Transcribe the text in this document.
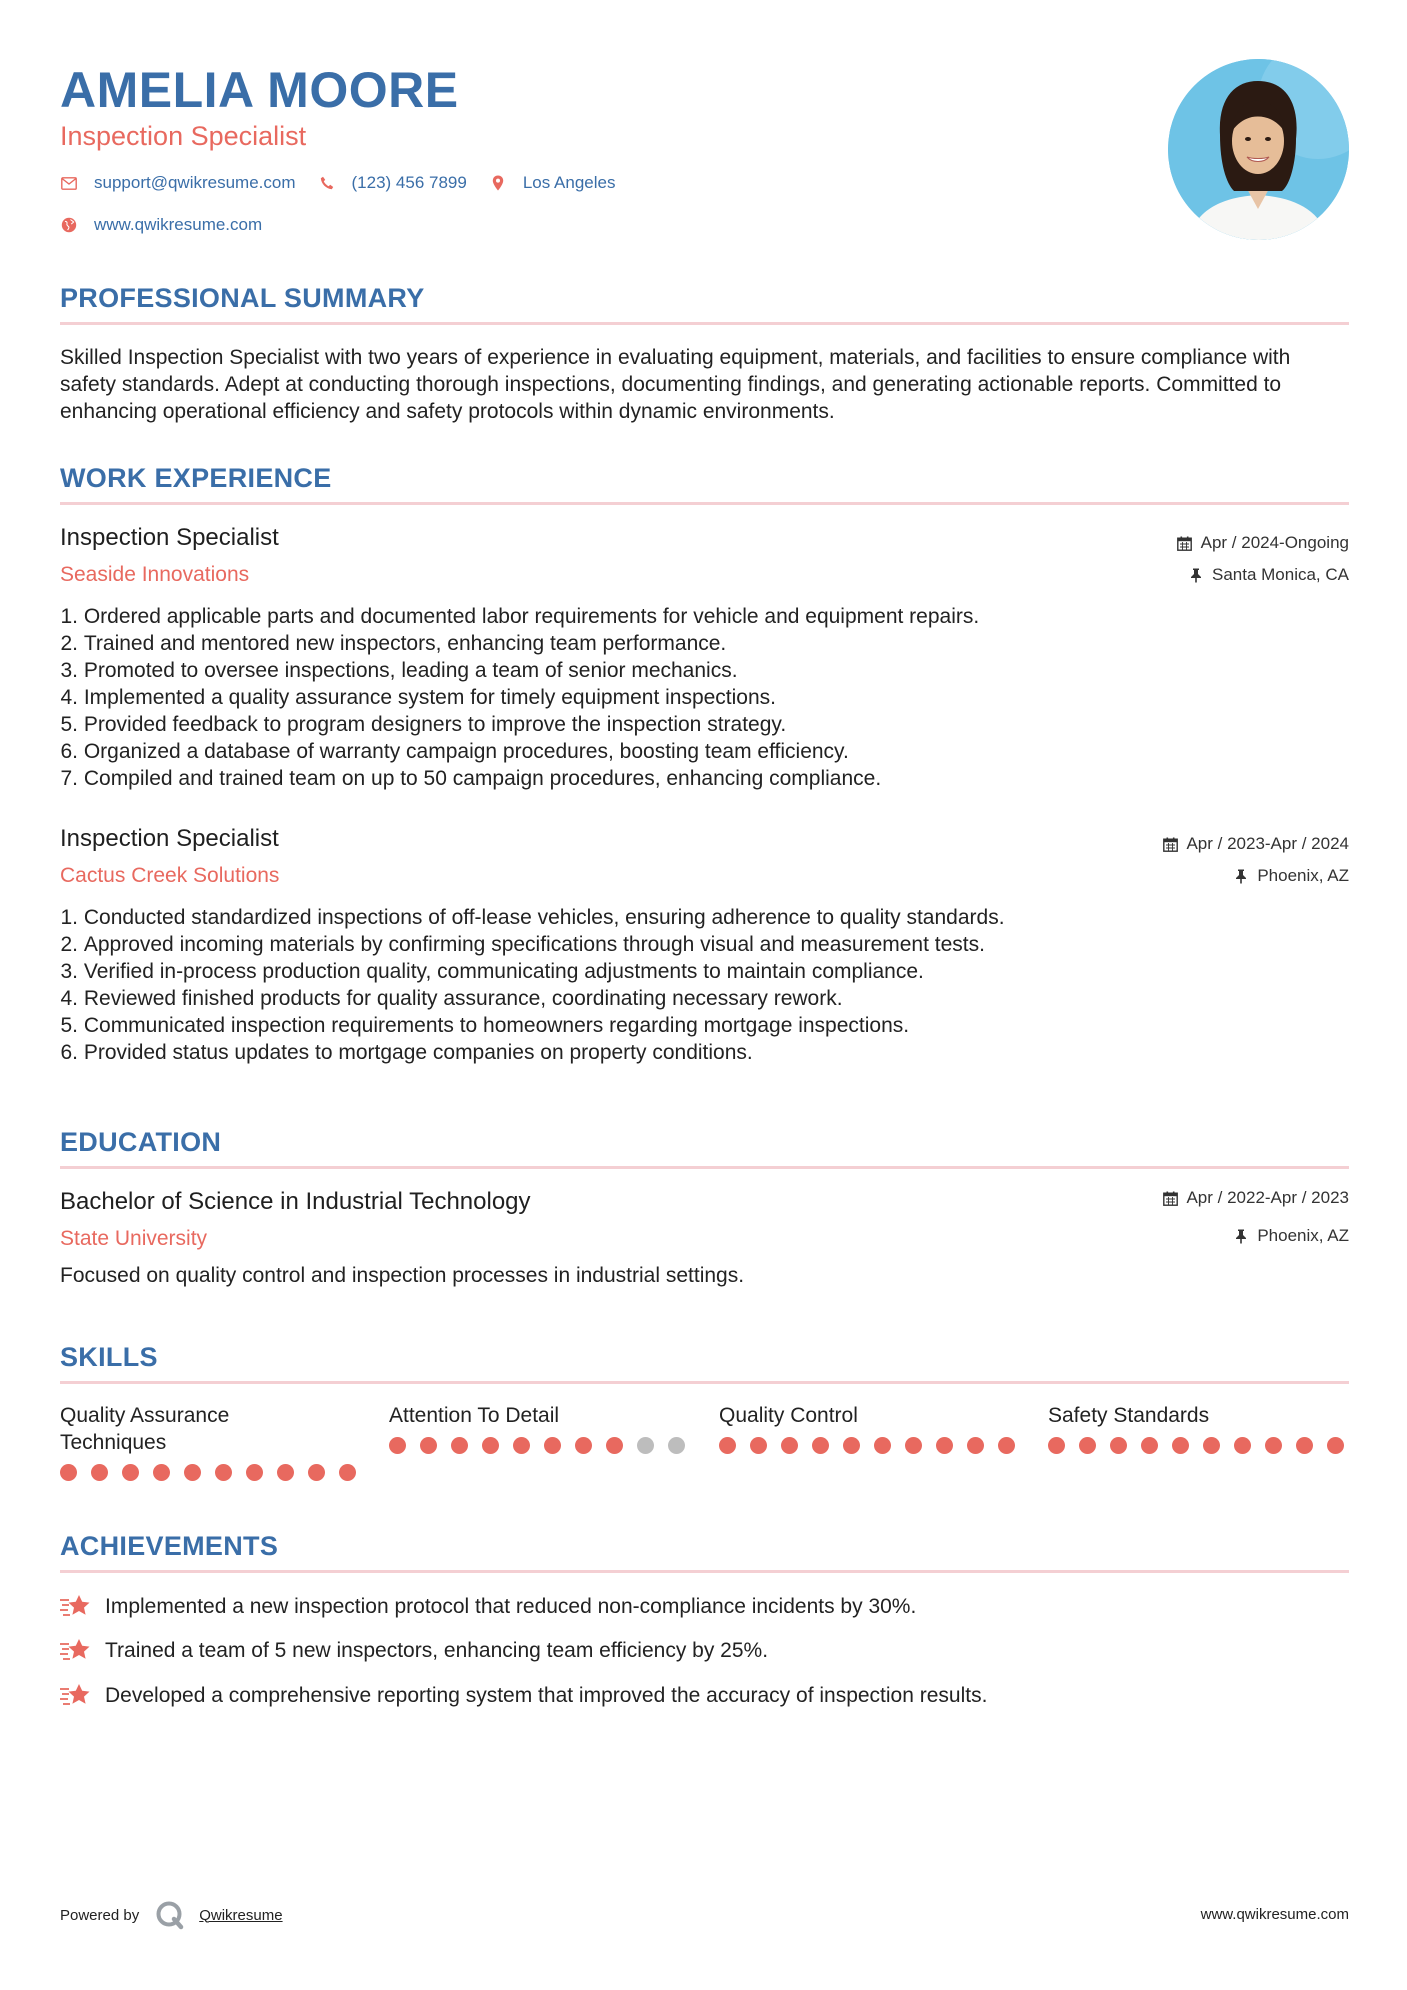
AMELIA MOORE
Inspection Specialist
support@qwikresume.com	(123) 456 7899	Los Angeles
www.qwikresume.com
PROFESSIONAL SUMMARY
Skilled Inspection Specialist with two years of experience in evaluating equipment, materials, and facilities to ensure compliance with safety standards. Adept at conducting thorough inspections, documenting findings, and generating actionable reports. Committed to enhancing operational efficiency and safety protocols within dynamic environments.
WORK EXPERIENCE
Inspection Specialist
Seaside Innovations
Apr / 2024-Ongoing
Santa Monica, CA
1.
Ordered applicable parts and documented labor requirements for vehicle and equipment repairs.
2.
Trained and mentored new inspectors, enhancing team performance.
3.
Promoted to oversee inspections, leading a team of senior mechanics.
4.
Implemented a quality assurance system for timely equipment inspections.
5.
Provided feedback to program designers to improve the inspection strategy.
6.
Organized a database of warranty campaign procedures, boosting team efficiency.
7.
Compiled and trained team on up to 50 campaign procedures, enhancing compliance.
Inspection Specialist
Cactus Creek Solutions
Apr / 2023-Apr / 2024
Phoenix, AZ
1.
Conducted standardized inspections of off-lease vehicles, ensuring adherence to quality standards.
2.
Approved incoming materials by confirming specifications through visual and measurement tests.
3.
Verified in-process production quality, communicating adjustments to maintain compliance.
4.
Reviewed finished products for quality assurance, coordinating necessary rework.
5.
Communicated inspection requirements to homeowners regarding mortgage inspections.
6.
Provided status updates to mortgage companies on property conditions.
EDUCATION
Bachelor of Science in Industrial Technology
State University
Apr / 2022-Apr / 2023
Phoenix, AZ
Focused on quality control and inspection processes in industrial settings.
SKILLS
Quality Assurance Techniques
Attention To Detail	Quality Control	Safety Standards
ACHIEVEMENTS
Implemented a new inspection protocol that reduced non-compliance incidents by 30%.
Trained a team of 5 new inspectors, enhancing team efficiency by 25%.
Developed a comprehensive reporting system that improved the accuracy of inspection results.
Powered by	Qwikresume	www.qwikresume.com
